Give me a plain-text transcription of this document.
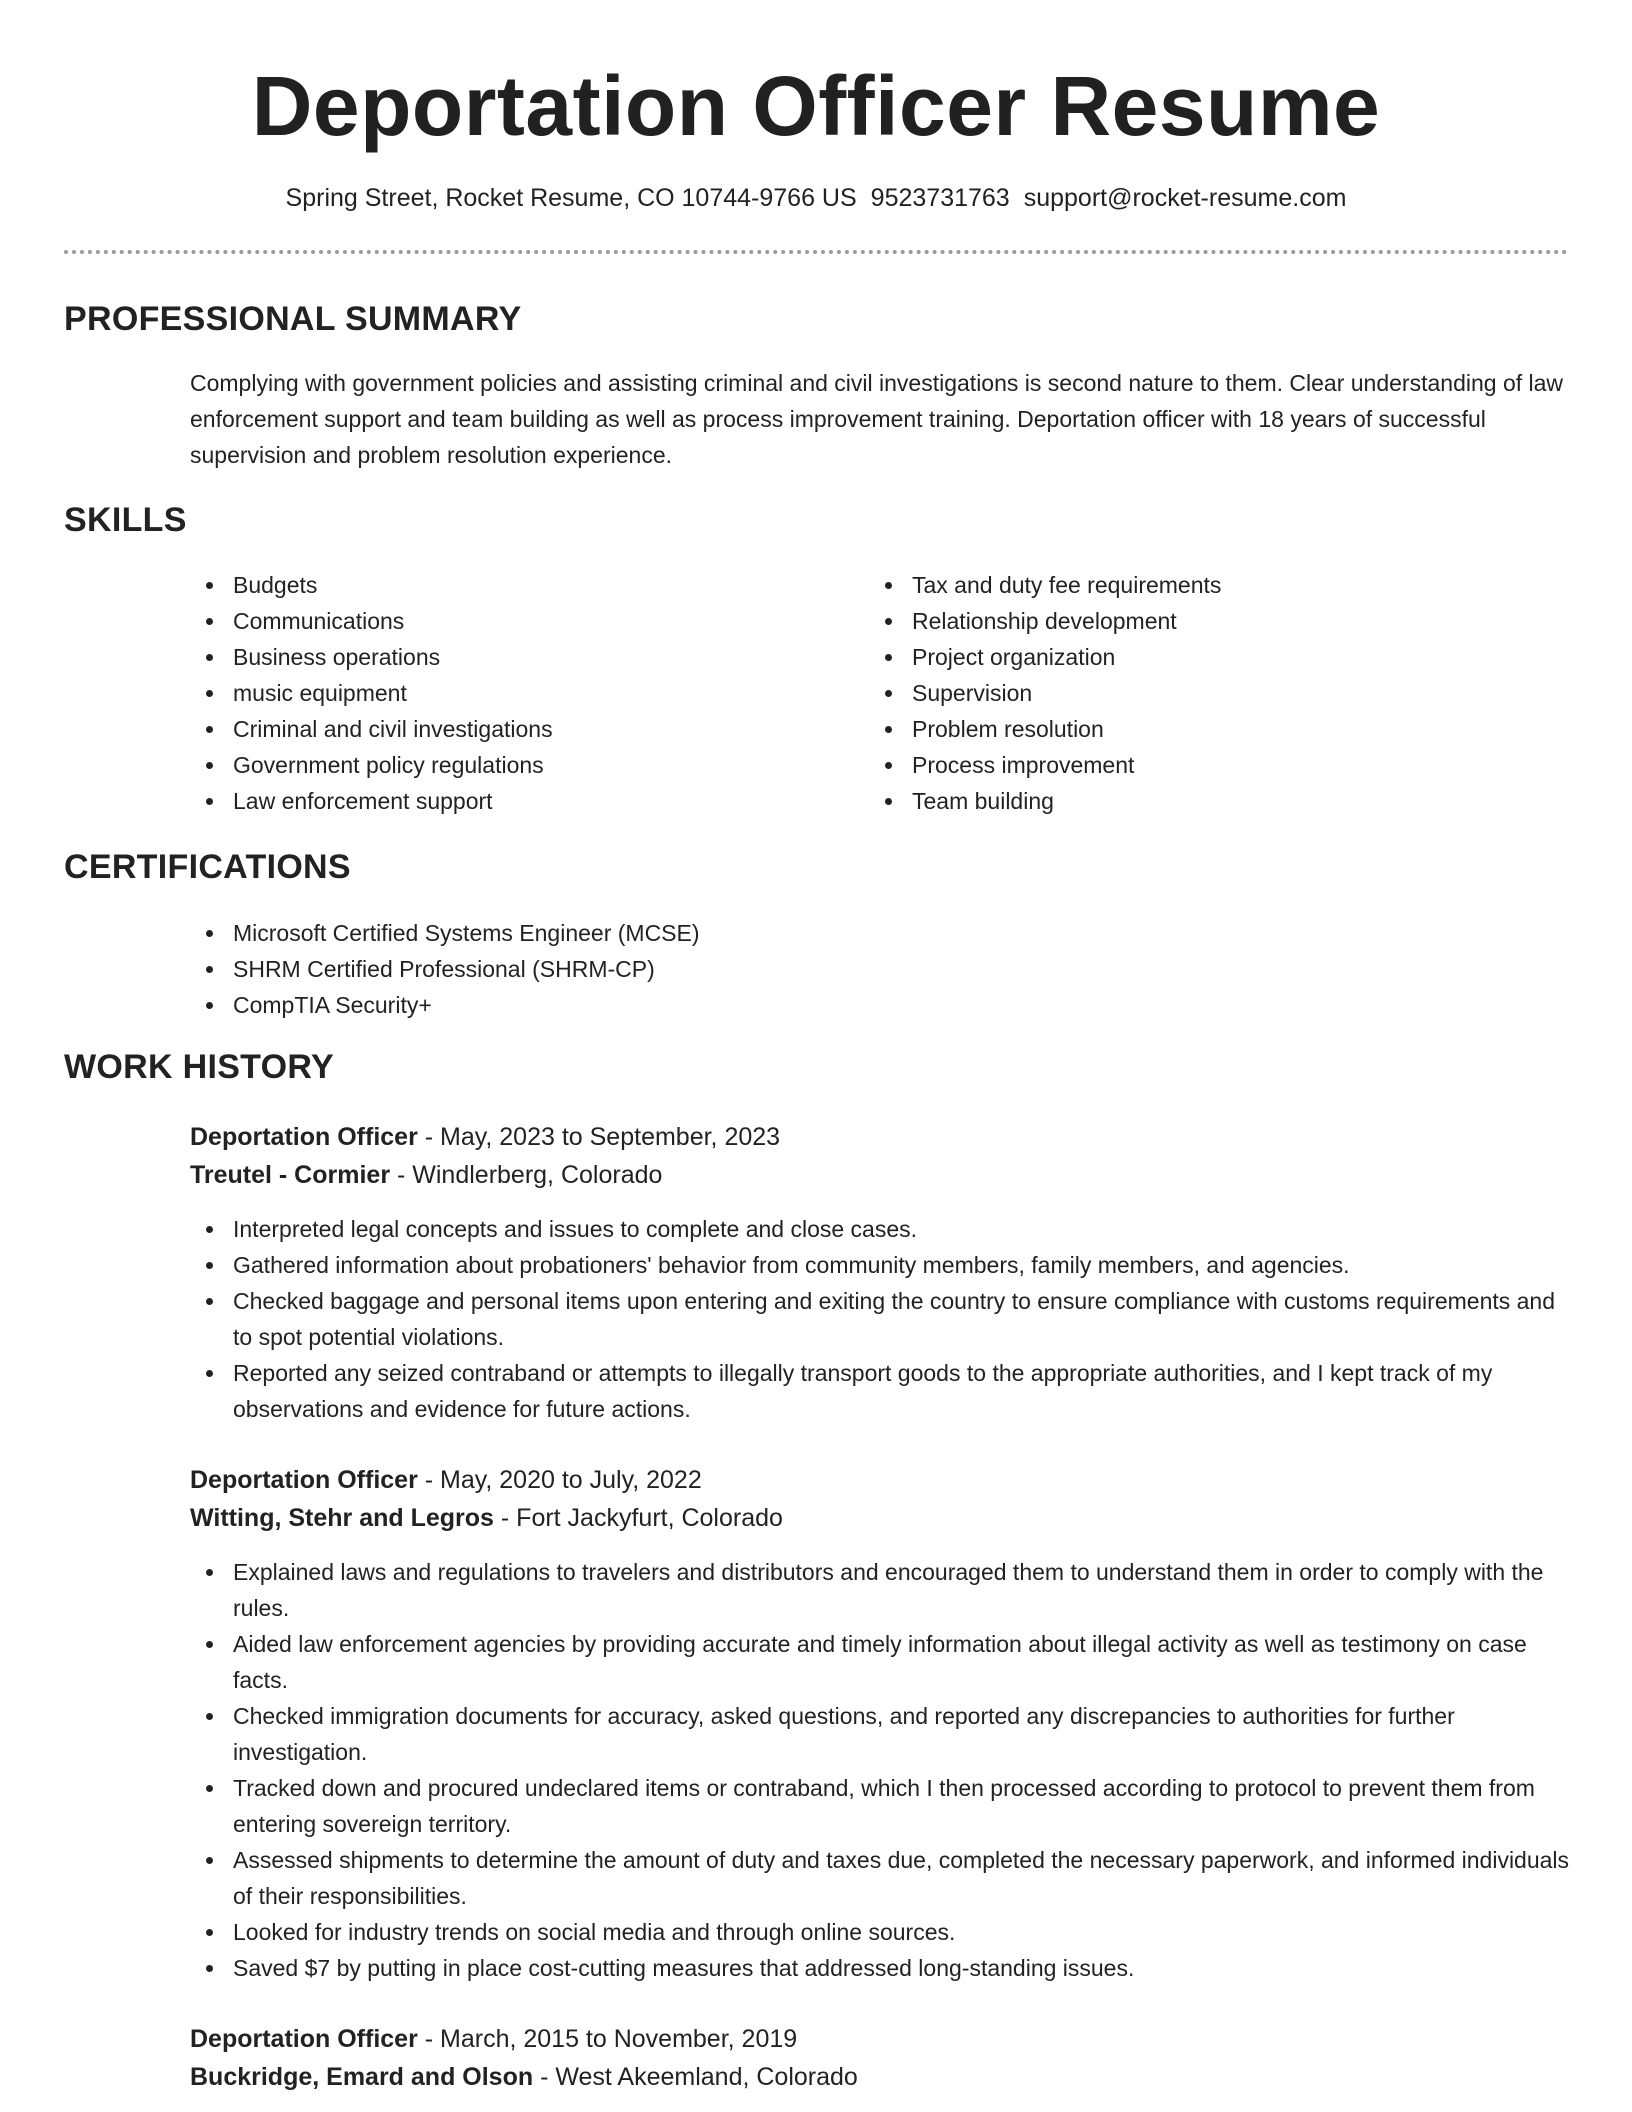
Deportation Officer Resume
Spring Street, Rocket Resume, CO 10744-9766 US 9523731763 support@rocket-resume.com
PROFESSIONAL SUMMARY

Complying with government policies and assisting criminal and civil investigations is second nature to them. Clear understanding of law enforcement support and team building as well as process improvement training. Deportation officer with 18 years of successful supervision and problem resolution experience.

SKILLS
Budgets
Communications
Business operations
music equipment
Criminal and civil investigations
Government policy regulations
Law enforcement support
Tax and duty fee requirements
Relationship development
Project organization
Supervision
Problem resolution
Process improvement
Team building
CERTIFICATIONS
Microsoft Certified Systems Engineer (MCSE)
SHRM Certified Professional (SHRM-CP)
CompTIA Security+
WORK HISTORY
Deportation Officer - May, 2023 to September, 2023
Treutel - Cormier - Windlerberg, Colorado
Interpreted legal concepts and issues to complete and close cases.
Gathered information about probationers' behavior from community members, family members, and agencies.
Checked baggage and personal items upon entering and exiting the country to ensure compliance with customs requirements and to spot potential violations.
Reported any seized contraband or attempts to illegally transport goods to the appropriate authorities, and I kept track of my observations and evidence for future actions.
Deportation Officer - May, 2020 to July, 2022
Witting, Stehr and Legros - Fort Jackyfurt, Colorado
Explained laws and regulations to travelers and distributors and encouraged them to understand them in order to comply with the rules.
Aided law enforcement agencies by providing accurate and timely information about illegal activity as well as testimony on case facts.
Checked immigration documents for accuracy, asked questions, and reported any discrepancies to authorities for further investigation.
Tracked down and procured undeclared items or contraband, which I then processed according to protocol to prevent them from entering sovereign territory.
Assessed shipments to determine the amount of duty and taxes due, completed the necessary paperwork, and informed individuals of their responsibilities.
Looked for industry trends on social media and through online sources.
Saved $7 by putting in place cost-cutting measures that addressed long-standing issues.
Deportation Officer - March, 2015 to November, 2019
Buckridge, Emard and Olson - West Akeemland, Colorado
